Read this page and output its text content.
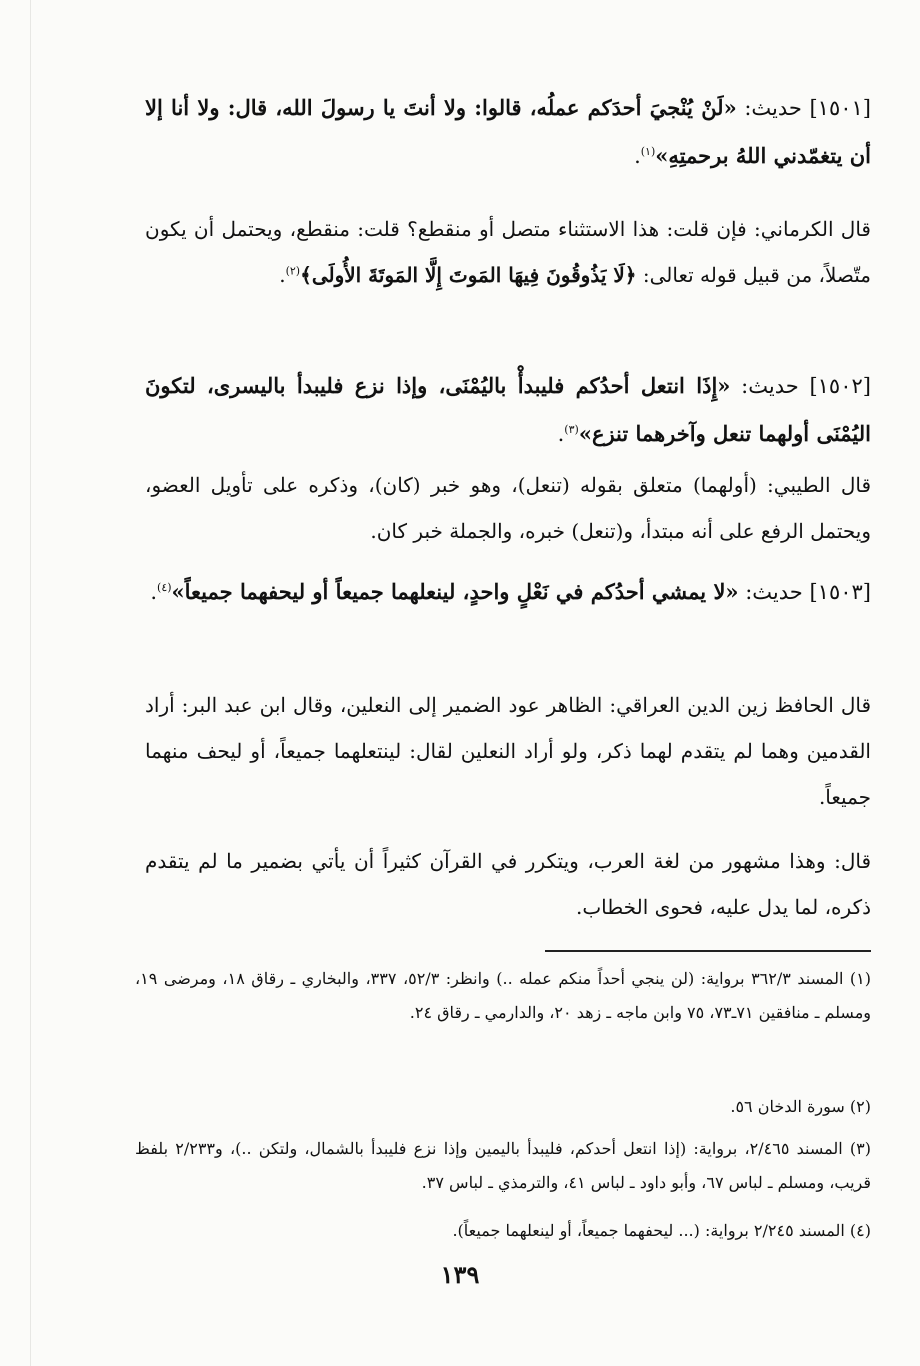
[١٥٠١] حديث: «لَنْ يُنْجيَ أحدَكم عملُه، قالوا: ولا أنتَ يا رسولَ الله، قال: ولا أنا إلا أن يتغمّدني اللهُ برحمتِهِ»$^{(١)}$.
قال الكرماني: فإن قلت: هذا الاستثناء متصل أو منقطع؟ قلت: منقطع، ويحتمل أن يكون متّصلاً، من قبيل قوله تعالى: ﴿لَا يَذُوقُونَ فِيهَا المَوتَ إِلَّا المَوتَةَ الأُولَى﴾$^{(٢)}$.
[١٥٠٢] حديث: «إِذَا انتعل أحدُكم فليبدأْ باليُمْنَى، وإذا نزع فليبدأ باليسرى، لتكونَ اليُمْنَى أولهما تنعل وآخرهما تنزع»$^{(٣)}$.
قال الطيبي: (أولهما) متعلق بقوله (تنعل)، وهو خبر (كان)، وذكره على تأويل العضو، ويحتمل الرفع على أنه مبتدأ، و(تنعل) خبره، والجملة خبر كان.
[١٥٠٣] حديث: «لا يمشي أحدُكم في نَعْلٍ واحدٍ، لينعلهما جميعاً أو ليحفهما جميعاً»$^{(٤)}$.
قال الحافظ زين الدين العراقي: الظاهر عود الضمير إلى النعلين، وقال ابن عبد البر: أراد القدمين وهما لم يتقدم لهما ذكر، ولو أراد النعلين لقال: لينتعلهما جميعاً، أو ليحف منهما جميعاً.
قال: وهذا مشهور من لغة العرب، ويتكرر في القرآن كثيراً أن يأتي بضمير ما لم يتقدم ذكره، لما يدل عليه، فحوى الخطاب.
(١) المسند ٣٦٢/٣ برواية: (لن ينجي أحداً منكم عمله ..) وانظر: ٥٢/٣، ٣٣٧، والبخاري ـ رقاق ١٨، ومرضى ١٩، ومسلم ـ منافقين ٧١ـ٧٣، ٧٥ وابن ماجه ـ زهد ٢٠، والدارمي ـ رقاق ٢٤.
(٢) سورة الدخان ٥٦.
(٣) المسند ٢/٤٦٥، برواية: (إذا انتعل أحدكم، فليبدأ باليمين وإذا نزع فليبدأ بالشمال، ولتكن ..)، و٢/٢٣٣ بلفظ قريب، ومسلم ـ لباس ٦٧، وأبو داود ـ لباس ٤١، والترمذي ـ لباس ٣٧.
(٤) المسند ٢/٢٤٥ برواية: (... ليحفهما جميعاً، أو لينعلهما جميعاً).
١٣٩
